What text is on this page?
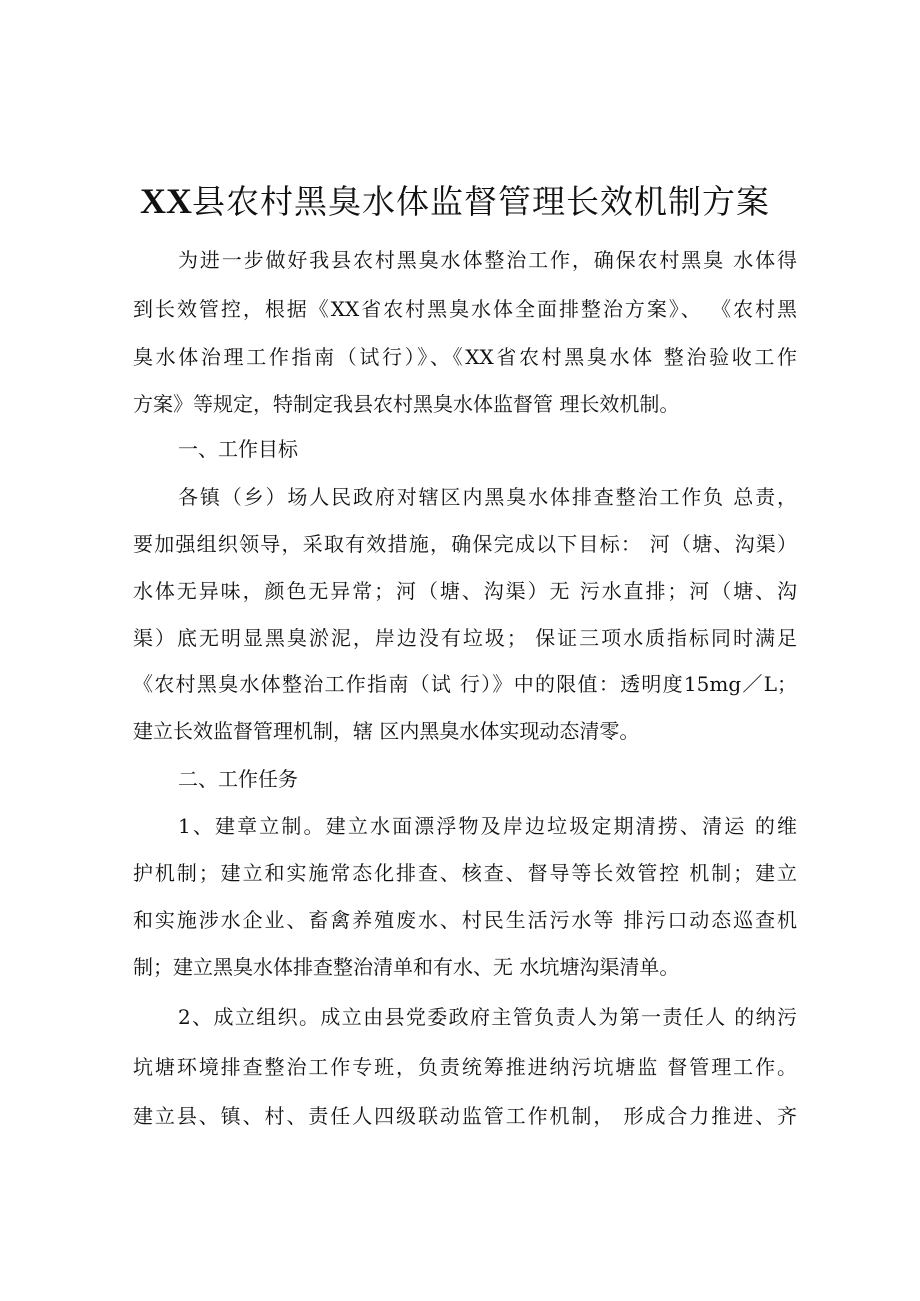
XX县农村黑臭水体监督管理长效机制方案
为进一步做好我县农村黑臭水体整治工作，确保农村黑臭 水体得
到长效管控，根据《XX省农村黑臭水体全面排整治方案》、 《农村黑
臭水体治理工作指南（试行）》、《XX省农村黑臭水体 整治验收工作
方案》等规定，特制定我县农村黑臭水体监督管 理长效机制。
一、工作目标
各镇（乡）场人民政府对辖区内黑臭水体排查整治工作负 总责，
要加强组织领导，采取有效措施，确保完成以下目标： 河（塘、沟渠）
水体无异味，颜色无异常；河（塘、沟渠）无 污水直排；河（塘、沟
渠）底无明显黑臭淤泥，岸边没有垃圾； 保证三项水质指标同时满足
《农村黑臭水体整治工作指南（试 行）》中的限值：透明度15mg／L；
建立长效监督管理机制，辖 区内黑臭水体实现动态清零。
二、工作任务
1、建章立制。建立水面漂浮物及岸边垃圾定期清捞、清运 的维
护机制；建立和实施常态化排查、核查、督导等长效管控 机制；建立
和实施涉水企业、畜禽养殖废水、村民生活污水等 排污口动态巡查机
制；建立黑臭水体排查整治清单和有水、无 水坑塘沟渠清单。
2、成立组织。成立由县党委政府主管负责人为第一责任人 的纳污
坑塘环境排查整治工作专班，负责统筹推进纳污坑塘监 督管理工作。
建立县、镇、村、责任人四级联动监管工作机制， 形成合力推进、齐
